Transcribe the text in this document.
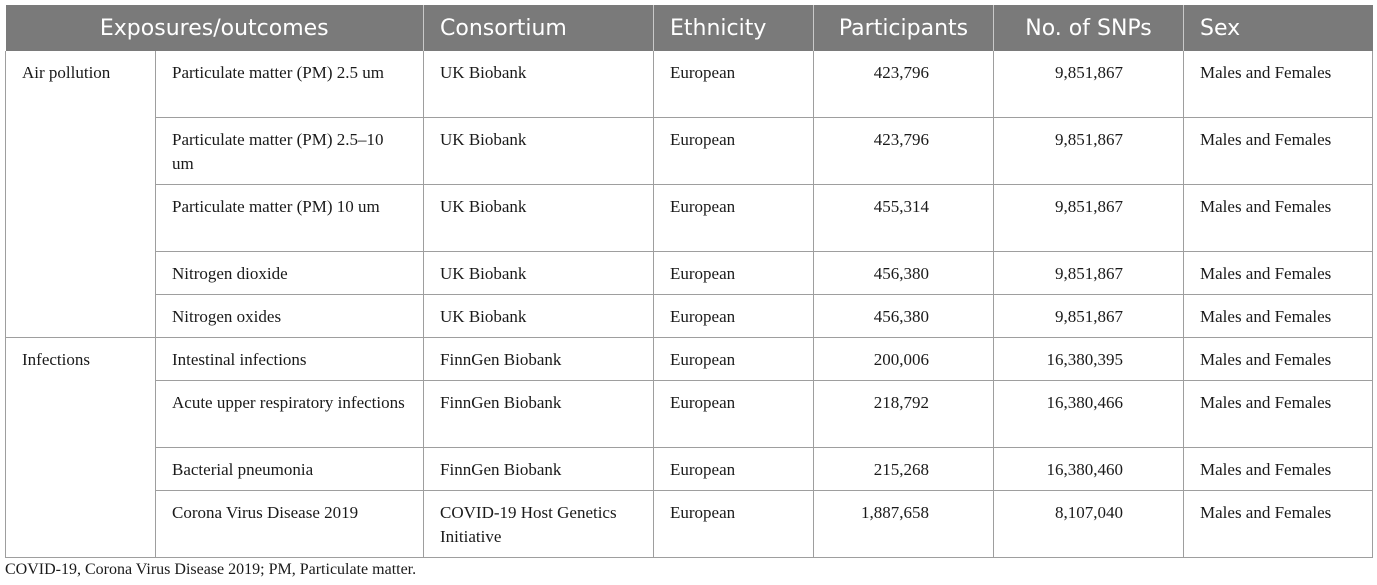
Exposures/outcomes		Consortium	Ethnicity	Participants	No. of SNPs	Sex
Air pollution	Particulate matter (PM) 2.5 um	UK Biobank	European	423,796	9,851,867	Males and Females
	Particulate matter (PM) 2.5–10 um	UK Biobank	European	423,796	9,851,867	Males and Females
	Particulate matter (PM) 10 um	UK Biobank	European	455,314	9,851,867	Males and Females
	Nitrogen dioxide	UK Biobank	European	456,380	9,851,867	Males and Females
	Nitrogen oxides	UK Biobank	European	456,380	9,851,867	Males and Females
Infections	Intestinal infections	FinnGen Biobank	European	200,006	16,380,395	Males and Females
	Acute upper respiratory infections	FinnGen Biobank	European	218,792	16,380,466	Males and Females
	Bacterial pneumonia	FinnGen Biobank	European	215,268	16,380,460	Males and Females
	Corona Virus Disease 2019	COVID-19 Host Genetics Initiative	European	1,887,658	8,107,040	Males and Females
COVID-19, Corona Virus Disease 2019; PM, Particulate matter.
